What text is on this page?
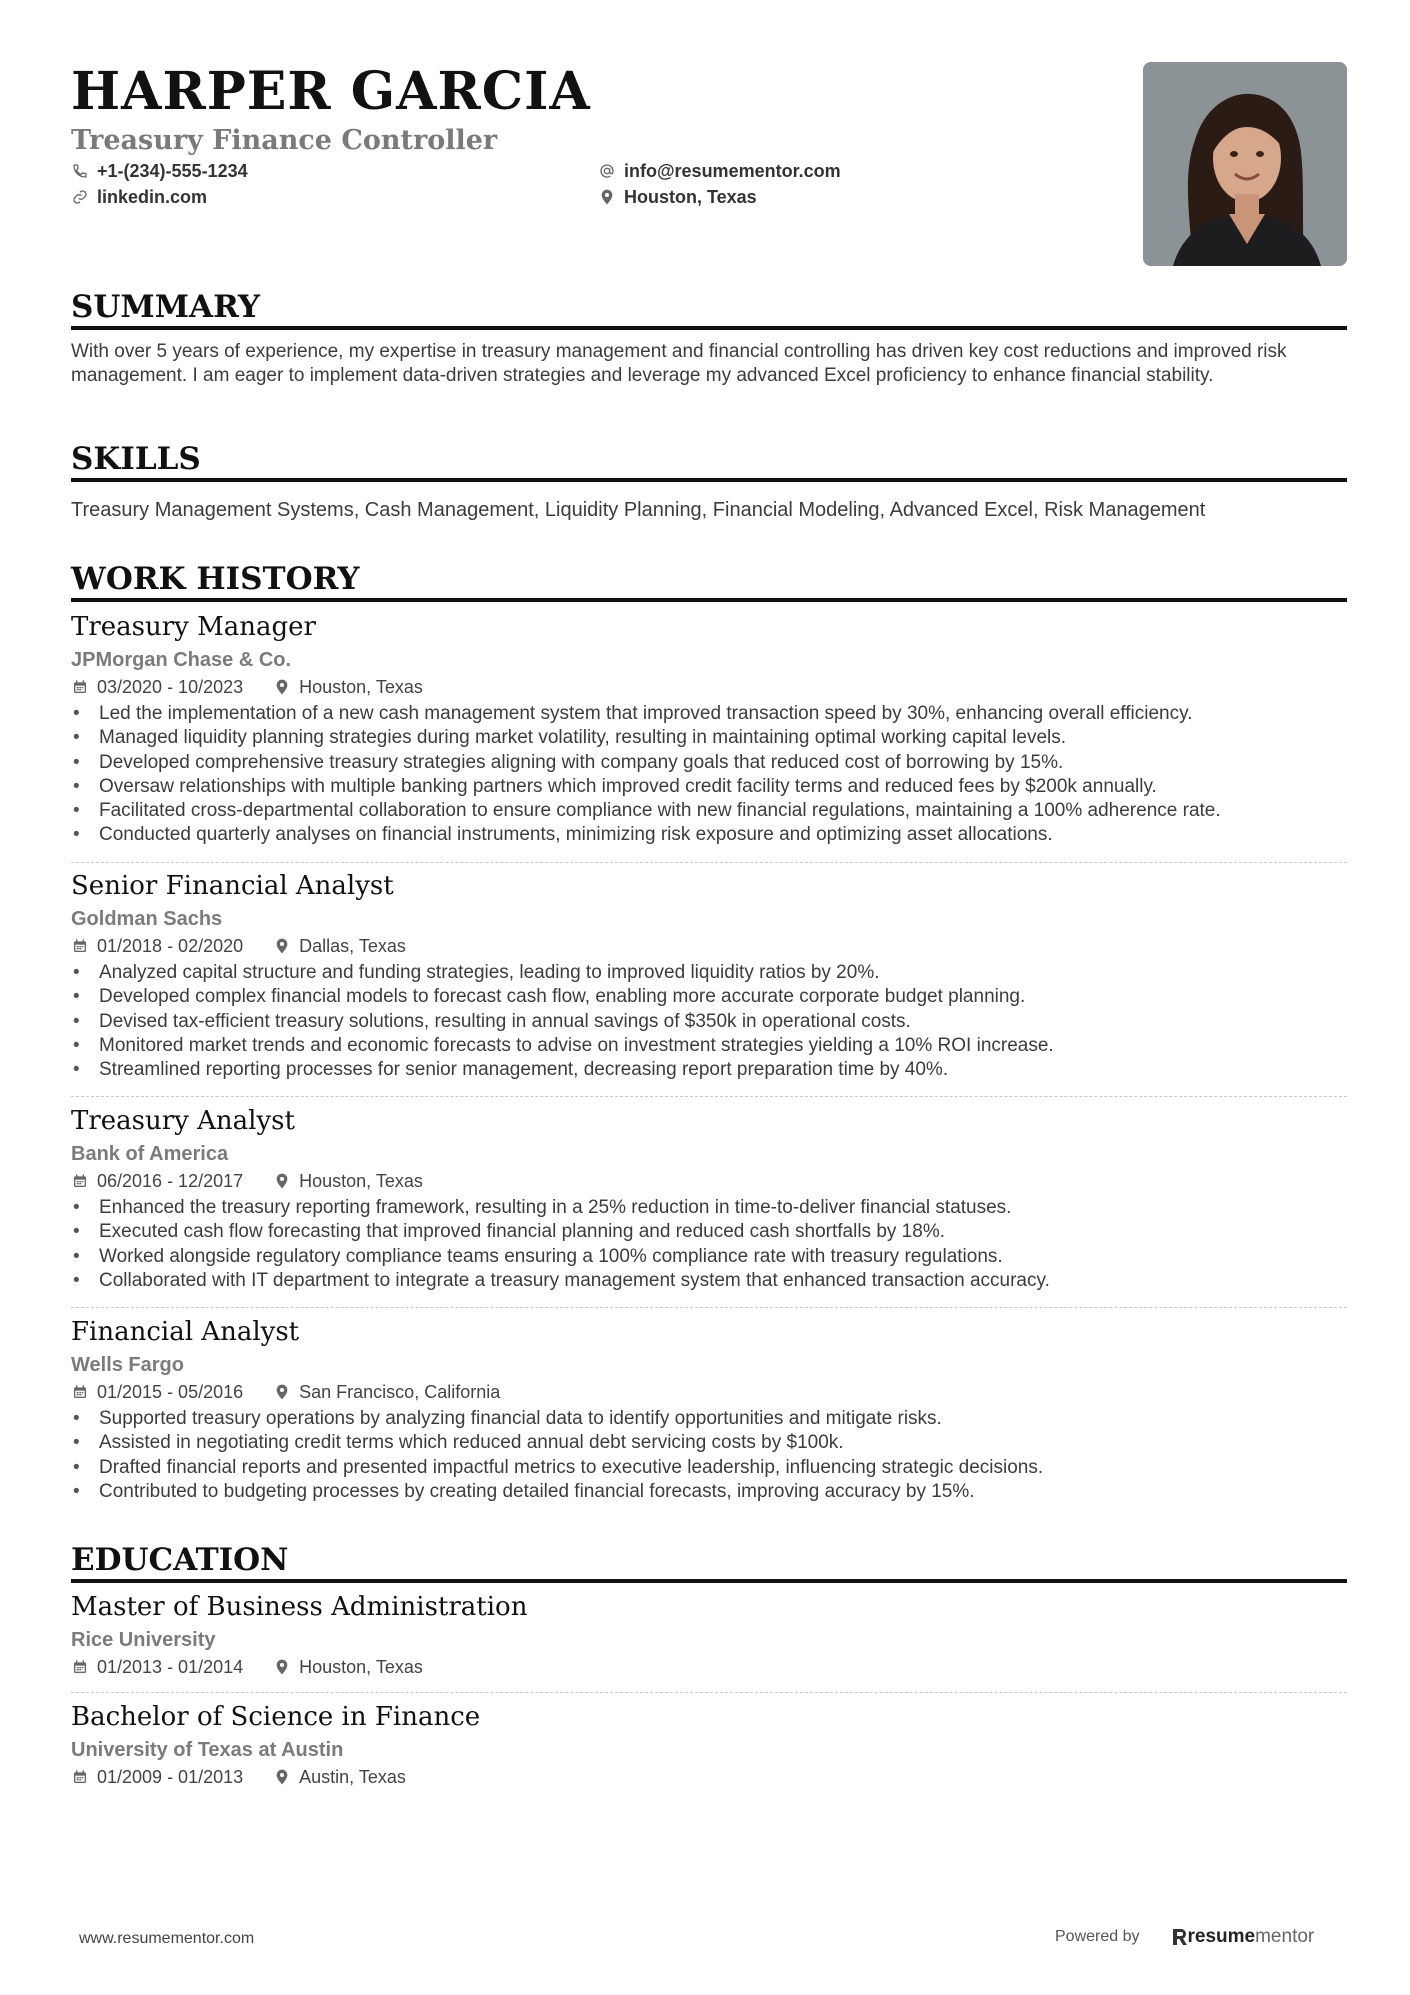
HARPER GARCIA
Treasury Finance Controller
+1-(234)-555-1234	info@resumementor.com
linkedin.com	Houston, Texas
SUMMARY
With over 5 years of experience, my expertise in treasury management and financial controlling has driven key cost reductions and improved risk management. I am eager to implement data-driven strategies and leverage my advanced Excel proficiency to enhance financial stability.
SKILLS
Treasury Management Systems, Cash Management, Liquidity Planning, Financial Modeling, Advanced Excel, Risk Management
WORK HISTORY
Treasury Manager
JPMorgan Chase & Co.
03/2020 - 10/2023	Houston, Texas
• Led the implementation of a new cash management system that improved transaction speed by 30%, enhancing overall efficiency.
• Managed liquidity planning strategies during market volatility, resulting in maintaining optimal working capital levels.
• Developed comprehensive treasury strategies aligning with company goals that reduced cost of borrowing by 15%.
• Oversaw relationships with multiple banking partners which improved credit facility terms and reduced fees by $200k annually.
• Facilitated cross-departmental collaboration to ensure compliance with new financial regulations, maintaining a 100% adherence rate.
• Conducted quarterly analyses on financial instruments, minimizing risk exposure and optimizing asset allocations.
Senior Financial Analyst
Goldman Sachs
01/2018 - 02/2020	Dallas, Texas
• Analyzed capital structure and funding strategies, leading to improved liquidity ratios by 20%.
• Developed complex financial models to forecast cash flow, enabling more accurate corporate budget planning.
• Devised tax-efficient treasury solutions, resulting in annual savings of $350k in operational costs.
• Monitored market trends and economic forecasts to advise on investment strategies yielding a 10% ROI increase.
• Streamlined reporting processes for senior management, decreasing report preparation time by 40%.
Treasury Analyst
Bank of America
06/2016 - 12/2017	Houston, Texas
• Enhanced the treasury reporting framework, resulting in a 25% reduction in time-to-deliver financial statuses.
• Executed cash flow forecasting that improved financial planning and reduced cash shortfalls by 18%.
• Worked alongside regulatory compliance teams ensuring a 100% compliance rate with treasury regulations.
• Collaborated with IT department to integrate a treasury management system that enhanced transaction accuracy.
Financial Analyst
Wells Fargo
01/2015 - 05/2016	San Francisco, California
• Supported treasury operations by analyzing financial data to identify opportunities and mitigate risks.
• Assisted in negotiating credit terms which reduced annual debt servicing costs by $100k.
• Drafted financial reports and presented impactful metrics to executive leadership, influencing strategic decisions.
• Contributed to budgeting processes by creating detailed financial forecasts, improving accuracy by 15%.
EDUCATION
Master of Business Administration
Rice University
01/2013 - 01/2014	Houston, Texas
Bachelor of Science in Finance
University of Texas at Austin
01/2009 - 01/2013	Austin, Texas
www.resumementor.com	Powered by	resume mentor
